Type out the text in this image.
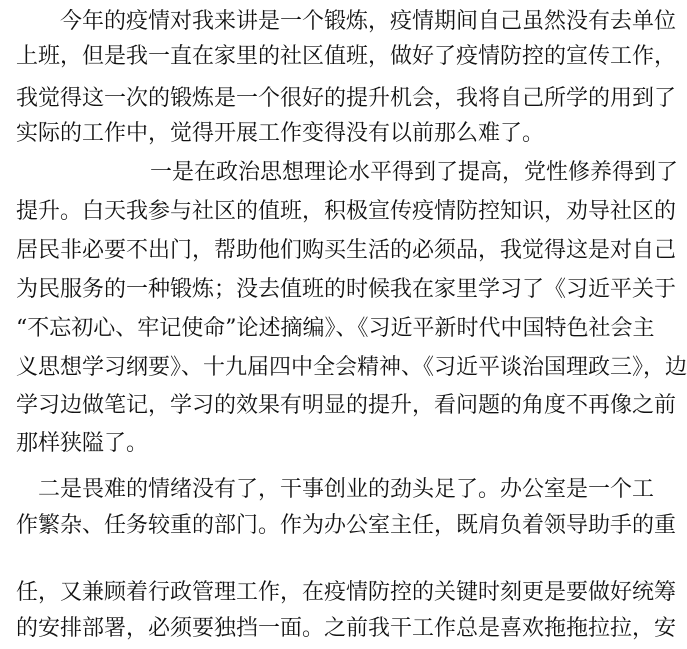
今年的疫情对我来讲是一个锻炼，疫情期间自己虽然没有去单位
上班，但是我一直在家里的社区值班，做好了疫情防控的宣传工作，
我觉得这一次的锻炼是一个很好的提升机会，我将自己所学的用到了
实际的工作中，觉得开展工作变得没有以前那么难了。
一是在政治思想理论水平得到了提高，党性修养得到了
提升。白天我参与社区的值班，积极宣传疫情防控知识，劝导社区的
居民非必要不出门，帮助他们购买生活的必须品，我觉得这是对自己
为民服务的一种锻炼；没去值班的时候我在家里学习了《习近平关于
“不忘初心、牢记使命”论述摘编》、《习近平新时代中国特色社会主
义思想学习纲要》、十九届四中全会精神、《习近平谈治国理政三》，边
学习边做笔记，学习的效果有明显的提升，看问题的角度不再像之前
那样狭隘了。
二是畏难的情绪没有了，干事创业的劲头足了。办公室是一个工
作繁杂、任务较重的部门。作为办公室主任，既肩负着领导助手的重
任，又兼顾着行政管理工作，在疫情防控的关键时刻更是要做好统筹
的安排部署，必须要独挡一面。之前我干工作总是喜欢拖拖拉拉，安
